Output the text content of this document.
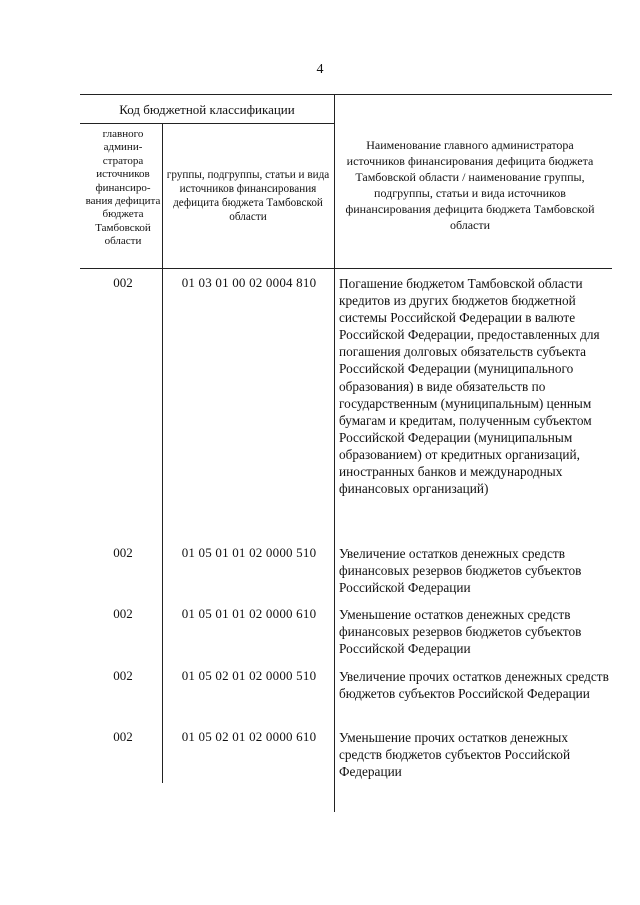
4
Код бюджетной классификации
главного админи-стратора источников финансиро-вания дефицита бюджета Тамбовской области
группы, подгруппы, статьи и вида источников финансирования дефицита бюджета Тамбовской области
Наименование главного администратора источников финансирования дефицита бюджета Тамбовской области / наименование группы, подгруппы, статьи и вида источников финансирования дефицита бюджета Тамбовской области
002	01 03 01 00 02 0004 810	Погашение бюджетом Тамбовской области кредитов из других бюджетов бюджетной системы Российской Федерации в валюте Российской Федерации, предоставленных для погашения долговых обязательств субъекта Российской Федерации (муниципального образования) в виде обязательств по государственным (муниципальным) ценным бумагам и кредитам, полученным субъектом Российской Федерации (муниципальным образованием) от кредитных организаций, иностранных банков и международных финансовых организаций)
002	01 05 01 01 02 0000 510	Увеличение остатков денежных средств финансовых резервов бюджетов субъектов Российской Федерации
002	01 05 01 01 02 0000 610	Уменьшение остатков денежных средств финансовых резервов бюджетов субъектов Российской Федерации
002	01 05 02 01 02 0000 510	Увеличение прочих остатков денежных средств бюджетов субъектов Российской Федерации
002	01 05 02 01 02 0000 610	Уменьшение прочих остатков денежных средств бюджетов субъектов Российской Федерации
